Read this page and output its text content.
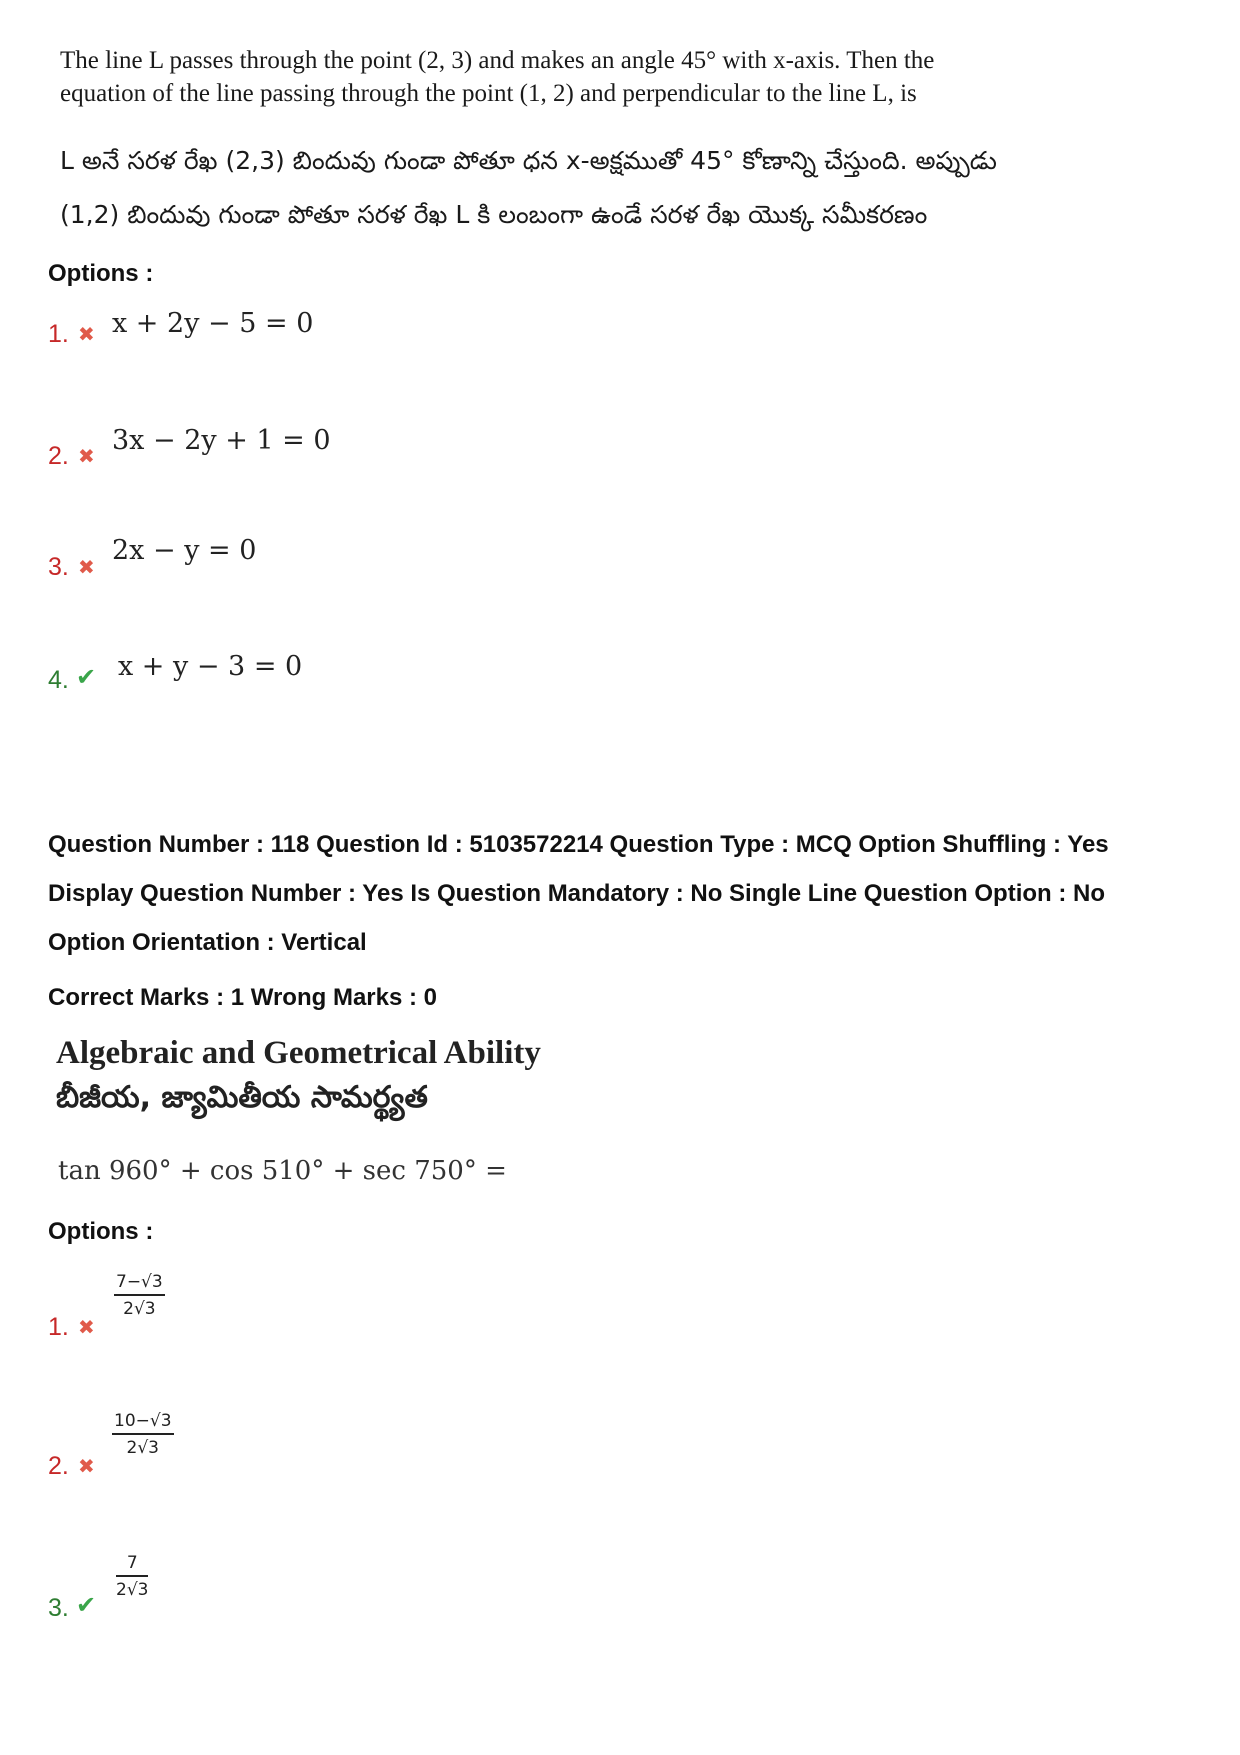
The line L passes through the point (2, 3) and makes an angle 45° with x-axis. Then the
equation of the line passing through the point (1, 2) and perpendicular to the line L, is
L అనే సరళ రేఖ (2,3) బిందువు గుండా పోతూ ధన x-అక్షముతో 45° కోణాన్ని చేస్తుంది. అప్పుడు
(1,2) బిందువు గుండా పోతూ సరళ రేఖ L కి లంబంగా ఉండే సరళ రేఖ యొక్క సమీకరణం
Options :
1. ✖ x + 2y − 5 = 0
2. ✖ 3x − 2y + 1 = 0
3. ✖
2x − y = 0
4. ✔ x + y − 3 = 0
Question Number : 118 Question Id : 5103572214 Question Type : MCQ Option Shuffling : Yes
Display Question Number : Yes Is Question Mandatory : No Single Line Question Option : No
Option Orientation : Vertical
Correct Marks : 1 Wrong Marks : 0
Algebraic and Geometrical Ability
బీజీయ, జ్యామితీయ సామర్థ్యత
tan 960° + cos 510° + sec 750° =
Options :
1. ✖
7−√3
2√3
2. ✖
10−√3
2√3
3. ✔
7
2√3
